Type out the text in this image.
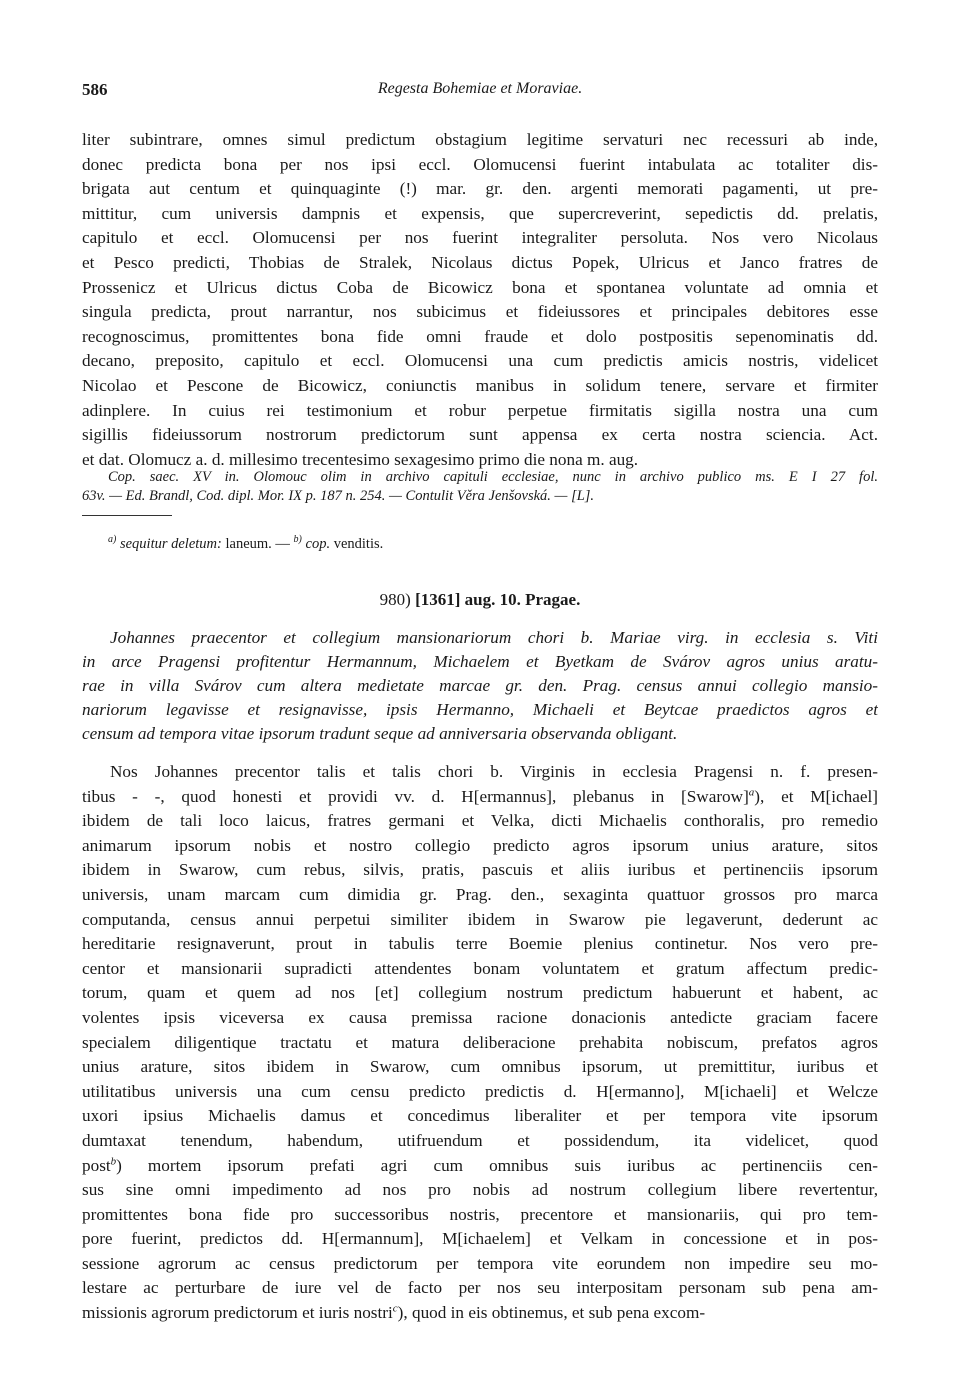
586	Regesta Bohemiae et Moraviae.
liter subintrare, omnes simul predictum obstagium legitime servaturi nec recessuri ab inde,
donec predicta bona per nos ipsi eccl. Olomucensi fuerint intabulata ac totaliter dis-
brigata aut centum et quinquaginte (!) mar. gr. den. argenti memorati pagamenti, ut pre-
mittitur, cum universis dampnis et expensis, que supercreverint, sepedictis dd. prelatis,
capitulo et eccl. Olomucensi per nos fuerint integraliter persoluta. Nos vero Nicolaus
et Pesco predicti, Thobias de Stralek, Nicolaus dictus Popek, Ulricus et Janco fratres de
Prossenicz et Ulricus dictus Coba de Bicowicz bona et spontanea voluntate ad omnia et
singula predicta, prout narrantur, nos subicimus et fideiussores et principales debitores esse
recognoscimus, promittentes bona fide omni fraude et dolo postpositis sepenominatis dd.
decano, preposito, capitulo et eccl. Olomucensi una cum predictis amicis nostris, videlicet
Nicolao et Pescone de Bicowicz, coniunctis manibus in solidum tenere, servare et firmiter
adinplere. In cuius rei testimonium et robur perpetue firmitatis sigilla nostra una cum
sigillis fideiussorum nostrorum predictorum sunt appensa ex certa nostra sciencia. Act.
et dat. Olomucz a. d. millesimo trecentesimo sexagesimo primo die nona m. aug.
Cop. saec. XV in. Olomouc olim in archivo capituli ecclesiae, nunc in archivo publico ms. E I 27 fol.
63v. — Ed. Brandl, Cod. dipl. Mor. IX p. 187 n. 254. — Contulit Věra Jenšovská. — [L].
$^{a)}$ sequitur deletum: laneum. — $^{b)}$ cop. venditis.
980) [1361] aug. 10. Pragae.
Johannes praecentor et collegium mansionariorum chori b. Mariae virg. in ecclesia s. Viti
in arce Pragensi profitentur Hermannum, Michaelem et Byetkam de Svárov agros unius aratu-
rae in villa Svárov cum altera medietate marcae gr. den. Prag. census annui collegio mansio-
nariorum legavisse et resignavisse, ipsis Hermanno, Michaeli et Beytcae praedictos agros et
censum ad tempora vitae ipsorum tradunt seque ad anniversaria observanda obligant.
Nos Johannes precentor talis et talis chori b. Virginis in ecclesia Pragensi n. f. presen-
tibus - -, quod honesti et providi vv. d. H[ermannus], plebanus in [Swarow]$^a$), et M[ichael]
ibidem de tali loco laicus, fratres germani et Velka, dicti Michaelis conthoralis, pro remedio
animarum ipsorum nobis et nostro collegio predicto agros ipsorum unius arature, sitos
ibidem in Swarow, cum rebus, silvis, pratis, pascuis et aliis iuribus et pertinenciis ipsorum
universis, unam marcam cum dimidia gr. Prag. den., sexaginta quattuor grossos pro marca
computanda, census annui perpetui similiter ibidem in Swarow pie legaverunt, dederunt ac
hereditarie resignaverunt, prout in tabulis terre Boemie plenius continetur. Nos vero pre-
centor et mansionarii supradicti attendentes bonam voluntatem et gratum affectum predic-
torum, quam et quem ad nos [et] collegium nostrum predictum habuerunt et habent, ac
volentes ipsis viceversa ex causa premissa racione donacionis antedicte graciam facere
specialem diligentique tractatu et matura deliberacione prehabita nobiscum, prefatos agros
unius arature, sitos ibidem in Swarow, cum omnibus ipsorum, ut premittitur, iuribus et
utilitatibus universis una cum censu predicto predictis d. H[ermanno], M[ichaeli] et Welcze
uxori ipsius Michaelis damus et concedimus liberaliter et per tempora vite ipsorum
dumtaxat tenendum, habendum, utifruendum et possidendum, ita videlicet, quod
post$^b$) mortem ipsorum prefati agri cum omnibus suis iuribus ac pertinenciis cen-
sus sine omni impedimento ad nos pro nobis ad nostrum collegium libere revertentur,
promittentes bona fide pro successoribus nostris, precentore et mansionariis, qui pro tem-
pore fuerint, predictos dd. H[ermannum], M[ichaelem] et Velkam in concessione et in pos-
sessione agrorum ac census predictorum per tempora vite eorundem non impedire seu mo-
lestare ac perturbare de iure vel de facto per nos seu interpositam personam sub pena am-
missionis agrorum predictorum et iuris nostri$^c$), quod in eis obtinemus, et sub pena excom-
